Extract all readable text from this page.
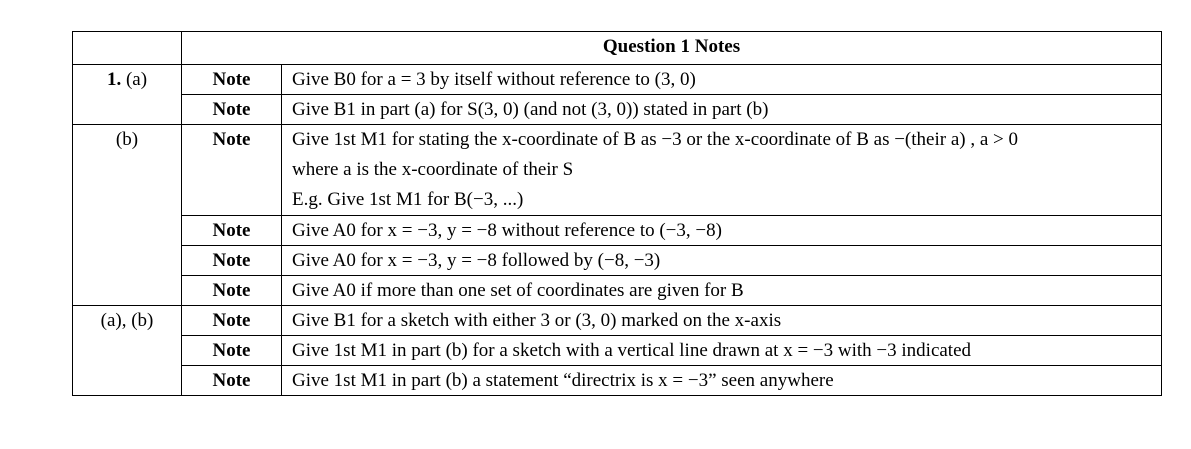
	Question 1 Notes	
1. (a)	Note	Give B0 for a = 3 by itself without reference to (3, 0)
	Note	Give B1 in part (a) for S(3, 0) (and not (3, 0)) stated in part (b)
(b)	Note	Give 1st M1 for stating the x-coordinate of B as −3 or the x-coordinate of B as −(their a) , a > 0
where a is the x-coordinate of their S
E.g. Give 1st M1 for B(−3, ...)

	Note	Give A0 for x = −3, y = −8 without reference to (−3, −8)
	Note	Give A0 for x = −3, y = −8 followed by (−8, −3)
	Note	Give A0 if more than one set of coordinates are given for B
(a), (b)	Note	Give B1 for a sketch with either 3 or (3, 0) marked on the x-axis
	Note	Give 1st M1 in part (b) for a sketch with a vertical line drawn at x = −3 with −3 indicated
	Note	Give 1st M1 in part (b) a statement “directrix is x = −3” seen anywhere
